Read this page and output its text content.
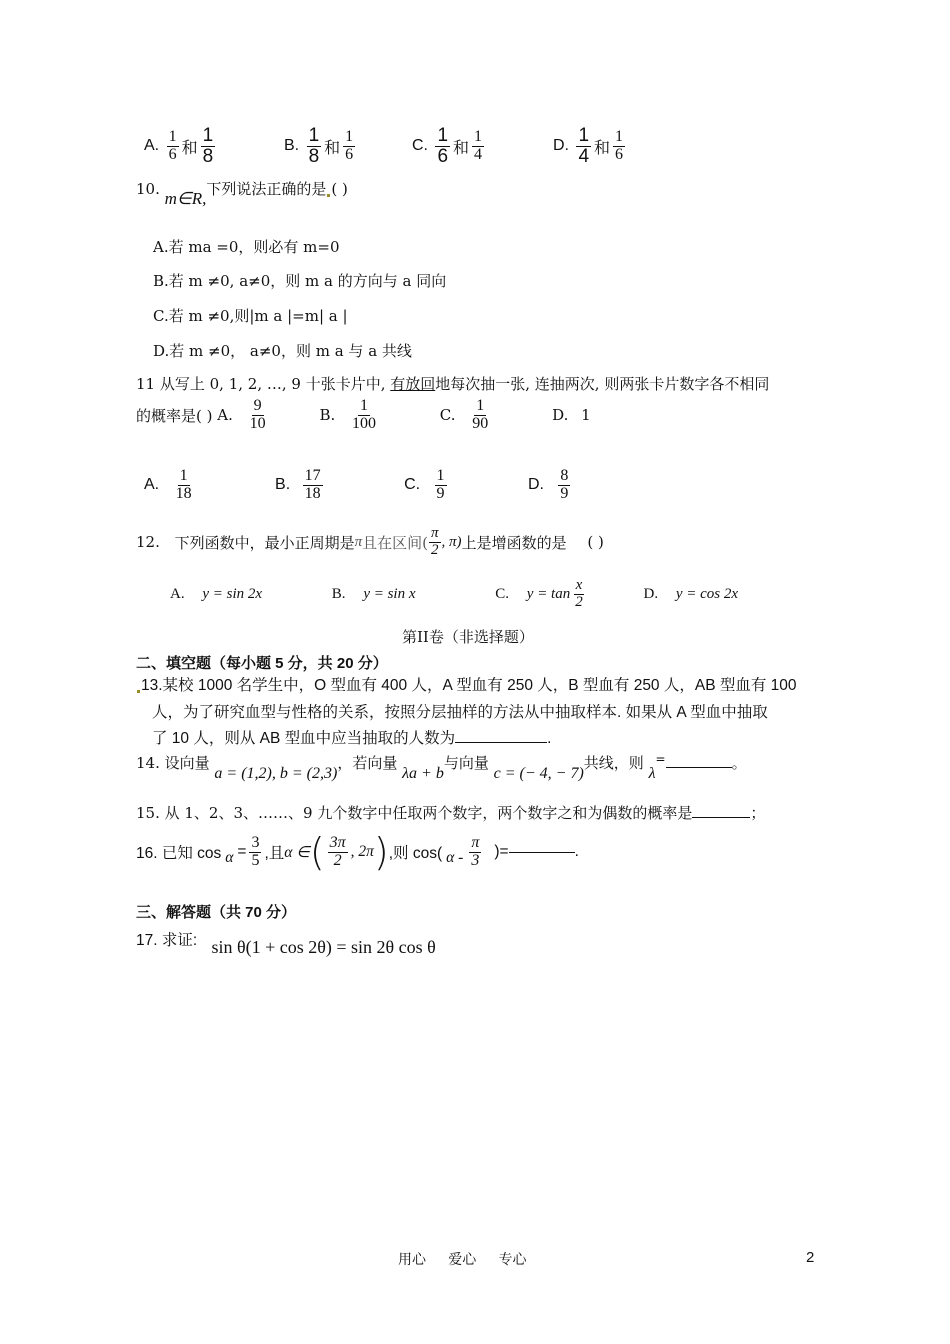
A. $\frac{1}{6}$ 和 $\frac{1}{8}$	B. $\frac{1}{8}$ 和 $\frac{1}{6}$	C. $\frac{1}{6}$ 和 $\frac{1}{4}$	D. $\frac{1}{4}$ 和 $\frac{1}{6}$
10. m∈R,下列说法正确的是 ( )
A.若 ma =0，则必有 m=0
B.若 m ≠0, a≠0，则 m a 的方向与 a 同向
C.若 m ≠0,则|m a |=m| a |
D.若 m ≠0， a≠0，则 m a 与 a 共线
11 从写上 0, 1, 2, …, 9 十张卡片中, 有放回地每次抽一张, 连抽两次, 则两张卡片数字各不相同
的概率是( ) A. $\frac{9}{10}$	B. $\frac{1}{100}$	C. $\frac{1}{90}$	D. 1
A. $\frac{1}{18}$	B. $\frac{17}{18}$	C. $\frac{1}{9}$	D. $\frac{8}{9}$
12. 下列函数中，最小正周期是π且在区间( $\frac{\pi}{2}$ , π)上是增函数的是 ( )
A. y = sin 2x	B. y = sin x	C. $y = \tan \frac{x}{2}$	D. y = cos 2x
第II卷（非选择题）
二、填空题（每小题 5 分，共 20 分）
13.某校 1000 名学生中，O 型血有 400 人，A 型血有 250 人，B 型血有 250 人，AB 型血有 100
人，为了研究血型与性格的关系，按照分层抽样的方法从中抽取样本. 如果从 A 型血中抽取
了 10 人，则从 AB 型血中应当抽取的人数为	.
14. 设向量 a = (1,2), b = (2,3)，若向量 λa + b与向量 c = (− 4, − 7)共线，则 λ=	。
15. 从 1、2、3、……、9 九个数字中任取两个数字，两个数字之和为偶数的概率是	；
16. 已知 $\cos \alpha = \frac{3}{5}$ ,且α ∈( $\frac{3\pi}{2}$ , 2π),则 cos( α - $\frac{\pi}{3}$ )=	.
三、解答题（共 70 分）
17. 求证: sin θ(1 + cos 2θ) = sin 2θ cos θ
用心     爱心     专心	2
